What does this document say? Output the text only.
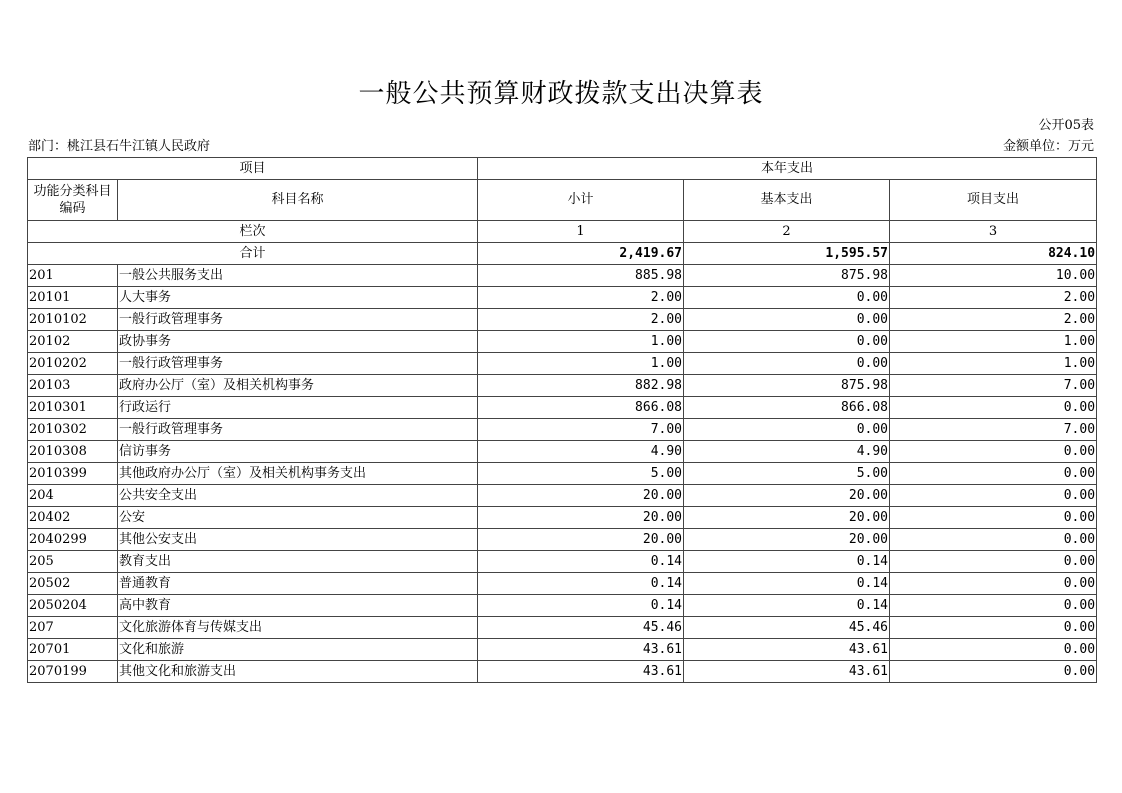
一般公共预算财政拨款支出决算表
公开05表
部门：桃江县石牛江镇人民政府	金额单位：万元
项目		本年支出		
功能分类科目编码	科目名称	小计	基本支出	项目支出
栏次		1	2	3
合计		2,419.67	1,595.57	824.10
201	一般公共服务支出	885.98	875.98	10.00
20101	人大事务	2.00	0.00	2.00
2010102	一般行政管理事务	2.00	0.00	2.00
20102	政协事务	1.00	0.00	1.00
2010202	一般行政管理事务	1.00	0.00	1.00
20103	政府办公厅（室）及相关机构事务	882.98	875.98	7.00
2010301	行政运行	866.08	866.08	0.00
2010302	一般行政管理事务	7.00	0.00	7.00
2010308	信访事务	4.90	4.90	0.00
2010399	其他政府办公厅（室）及相关机构事务支出	5.00	5.00	0.00
204	公共安全支出	20.00	20.00	0.00
20402	公安	20.00	20.00	0.00
2040299	其他公安支出	20.00	20.00	0.00
205	教育支出	0.14	0.14	0.00
20502	普通教育	0.14	0.14	0.00
2050204	高中教育	0.14	0.14	0.00
207	文化旅游体育与传媒支出	45.46	45.46	0.00
20701	文化和旅游	43.61	43.61	0.00
2070199	其他文化和旅游支出	43.61	43.61	0.00
